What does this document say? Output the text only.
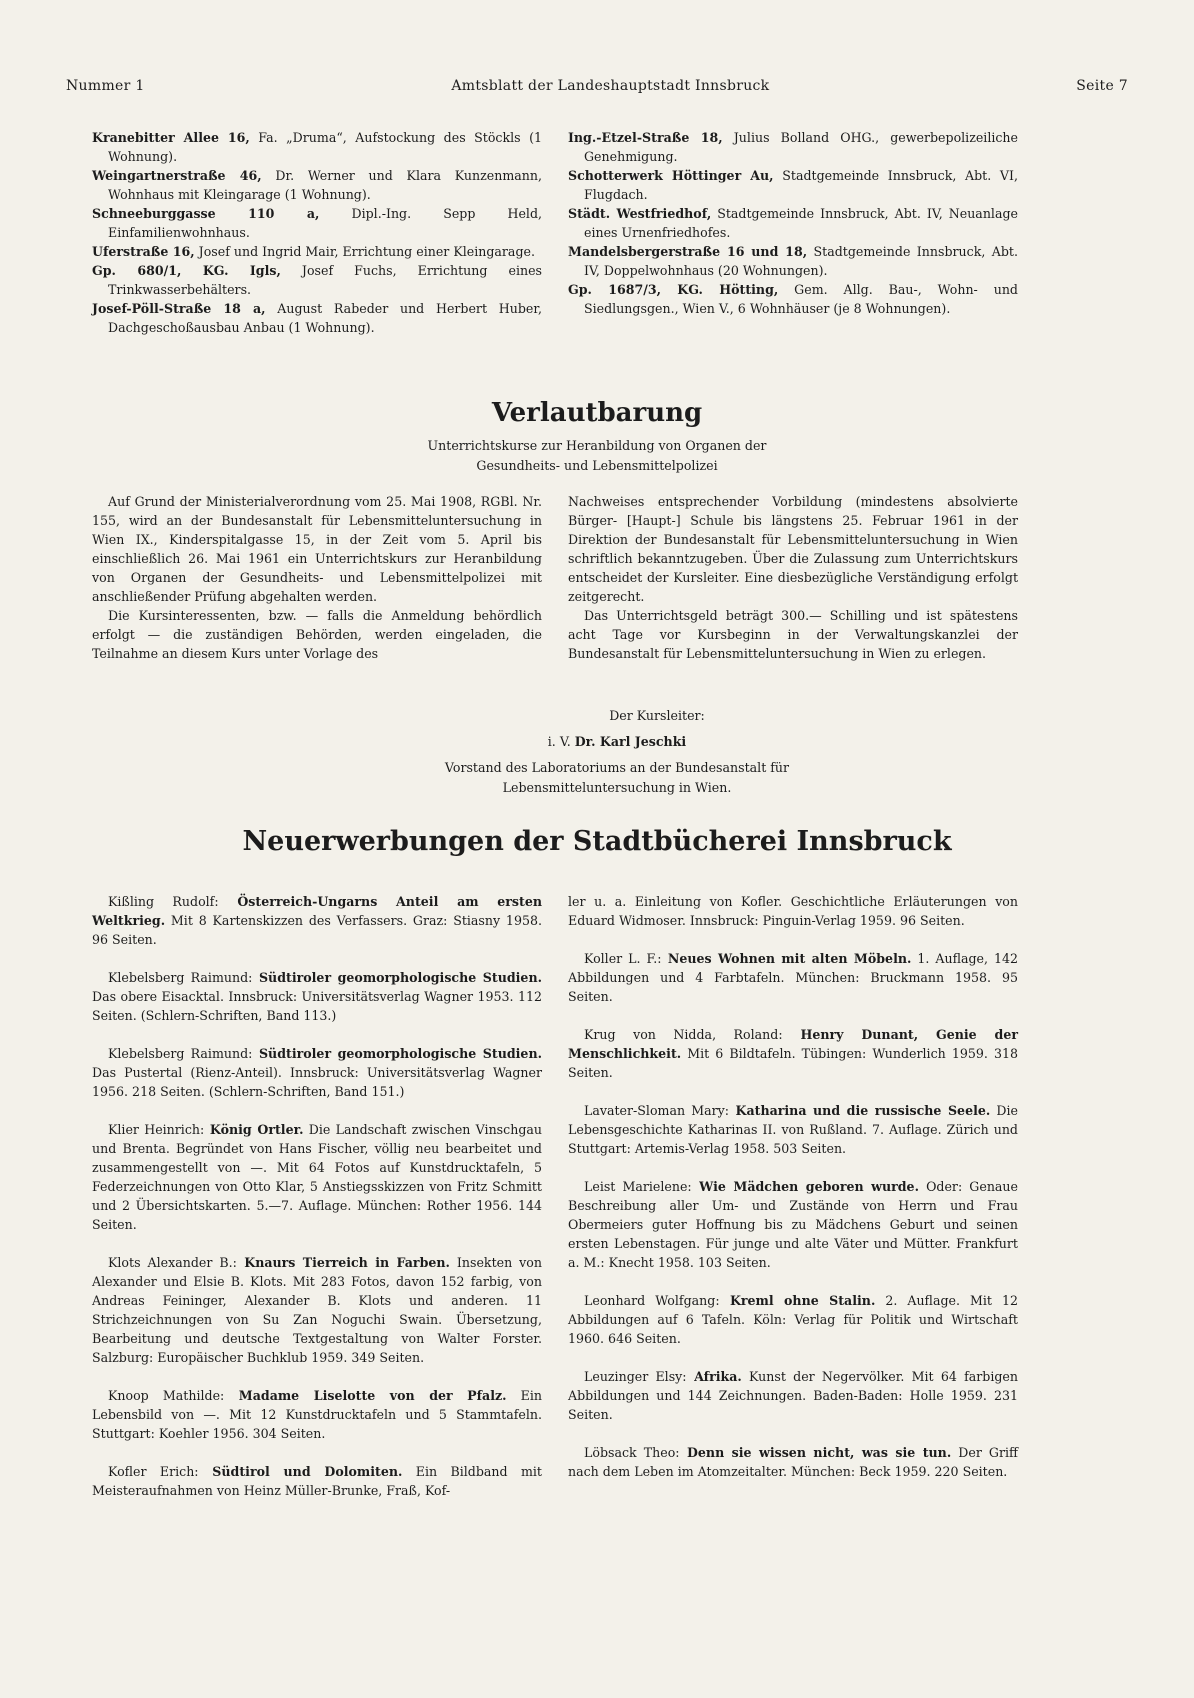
Nummer 1	Amtsblatt der Landeshauptstadt Innsbruck	Seite 7

Kranebitter Allee 16, Fa. „Druma“, Aufstockung des Stöckls (1 Wohnung).

Weingartnerstraße 46, Dr. Werner und Klara Kunzenmann, Wohnhaus mit Kleingarage (1 Wohnung).

Schneeburggasse 110 a, Dipl.-Ing. Sepp Held, Einfamilienwohnhaus.

Uferstraße 16, Josef und Ingrid Mair, Errichtung einer Kleingarage.

Gp. 680/1, KG. Igls, Josef Fuchs, Errichtung eines Trinkwasserbehälters.

Josef-Pöll-Straße 18 a, August Rabeder und Herbert Huber, Dachgeschoßausbau Anbau (1 Wohnung).

Ing.-Etzel-Straße 18, Julius Bolland OHG., gewerbepolizeiliche Genehmigung.

Schotterwerk Höttinger Au, Stadtgemeinde Innsbruck, Abt. VI, Flugdach.

Städt. Westfriedhof, Stadtgemeinde Innsbruck, Abt. IV, Neuanlage eines Urnenfriedhofes.

Mandelsbergerstraße 16 und 18, Stadtgemeinde Innsbruck, Abt. IV, Doppelwohnhaus (20 Wohnungen).

Gp. 1687/3, KG. Hötting, Gem. Allg. Bau-, Wohn- und Siedlungsgen., Wien V., 6 Wohnhäuser (je 8 Wohnungen).

Verlautbarung
Unterrichtskurse zur Heranbildung von Organen der
Gesundheits- und Lebensmittelpolizei

Auf Grund der Ministerialverordnung vom 25. Mai 1908, RGBl. Nr. 155, wird an der Bundesanstalt für Lebensmitteluntersuchung in Wien IX., Kinderspitalgasse 15, in der Zeit vom 5. April bis einschließlich 26. Mai 1961 ein Unterrichtskurs zur Heranbildung von Organen der Gesundheits- und Lebensmittelpolizei mit anschließender Prüfung abgehalten werden.

Die Kursinteressenten, bzw. — falls die Anmeldung behördlich erfolgt — die zuständigen Behörden, werden eingeladen, die Teilnahme an diesem Kurs unter Vorlage des

Nachweises entsprechender Vorbildung (mindestens absolvierte Bürger- [Haupt-] Schule bis längstens 25. Februar 1961 in der Direktion der Bundesanstalt für Lebensmitteluntersuchung in Wien schriftlich bekanntzugeben. Über die Zulassung zum Unterrichtskurs entscheidet der Kursleiter. Eine diesbezügliche Verständigung erfolgt zeitgerecht.

Das Unterrichtsgeld beträgt 300.— Schilling und ist spätestens acht Tage vor Kursbeginn in der Verwaltungskanzlei der Bundesanstalt für Lebensmitteluntersuchung in Wien zu erlegen.

Der Kursleiter:
i. V. Dr. Karl Jeschki
Vorstand des Laboratoriums an der Bundesanstalt für
Lebensmitteluntersuchung in Wien.
Neuerwerbungen der Stadtbücherei Innsbruck

Kißling Rudolf: Österreich-Ungarns Anteil am ersten Weltkrieg. Mit 8 Kartenskizzen des Verfassers. Graz: Stiasny 1958. 96 Seiten.

Klebelsberg Raimund: Südtiroler geomorphologische Studien. Das obere Eisacktal. Innsbruck: Universitätsverlag Wagner 1953. 112 Seiten. (Schlern-Schriften, Band 113.)

Klebelsberg Raimund: Südtiroler geomorphologische Studien. Das Pustertal (Rienz-Anteil). Innsbruck: Universitätsverlag Wagner 1956. 218 Seiten. (Schlern-Schriften, Band 151.)

Klier Heinrich: König Ortler. Die Landschaft zwischen Vinschgau und Brenta. Begründet von Hans Fischer, völlig neu bearbeitet und zusammengestellt von —. Mit 64 Fotos auf Kunstdrucktafeln, 5 Federzeichnungen von Otto Klar, 5 Anstiegsskizzen von Fritz Schmitt und 2 Übersichtskarten. 5.—7. Auflage. München: Rother 1956. 144 Seiten.

Klots Alexander B.: Knaurs Tierreich in Farben. Insekten von Alexander und Elsie B. Klots. Mit 283 Fotos, davon 152 farbig, von Andreas Feininger, Alexander B. Klots und anderen. 11 Strichzeichnungen von Su Zan Noguchi Swain. Übersetzung, Bearbeitung und deutsche Textgestaltung von Walter Forster. Salzburg: Europäischer Buchklub 1959. 349 Seiten.

Knoop Mathilde: Madame Liselotte von der Pfalz. Ein Lebensbild von —. Mit 12 Kunstdrucktafeln und 5 Stammtafeln. Stuttgart: Koehler 1956. 304 Seiten.

Kofler Erich: Südtirol und Dolomiten. Ein Bildband mit Meisteraufnahmen von Heinz Müller-Brunke, Fraß, Kof-

ler u. a. Einleitung von Kofler. Geschichtliche Erläuterungen von Eduard Widmoser. Innsbruck: Pinguin-Verlag 1959. 96 Seiten.

Koller L. F.: Neues Wohnen mit alten Möbeln. 1. Auflage, 142 Abbildungen und 4 Farbtafeln. München: Bruckmann 1958. 95 Seiten.

Krug von Nidda, Roland: Henry Dunant, Genie der Menschlichkeit. Mit 6 Bildtafeln. Tübingen: Wunderlich 1959. 318 Seiten.

Lavater-Sloman Mary: Katharina und die russische Seele. Die Lebensgeschichte Katharinas II. von Rußland. 7. Auflage. Zürich und Stuttgart: Artemis-Verlag 1958. 503 Seiten.

Leist Marielene: Wie Mädchen geboren wurde. Oder: Genaue Beschreibung aller Um- und Zustände von Herrn und Frau Obermeiers guter Hoffnung bis zu Mädchens Geburt und seinen ersten Lebenstagen. Für junge und alte Väter und Mütter. Frankfurt a. M.: Knecht 1958. 103 Seiten.

Leonhard Wolfgang: Kreml ohne Stalin. 2. Auflage. Mit 12 Abbildungen auf 6 Tafeln. Köln: Verlag für Politik und Wirtschaft 1960. 646 Seiten.

Leuzinger Elsy: Afrika. Kunst der Negervölker. Mit 64 farbigen Abbildungen und 144 Zeichnungen. Baden-Baden: Holle 1959. 231 Seiten.

Löbsack Theo: Denn sie wissen nicht, was sie tun. Der Griff nach dem Leben im Atomzeitalter. München: Beck 1959. 220 Seiten.
